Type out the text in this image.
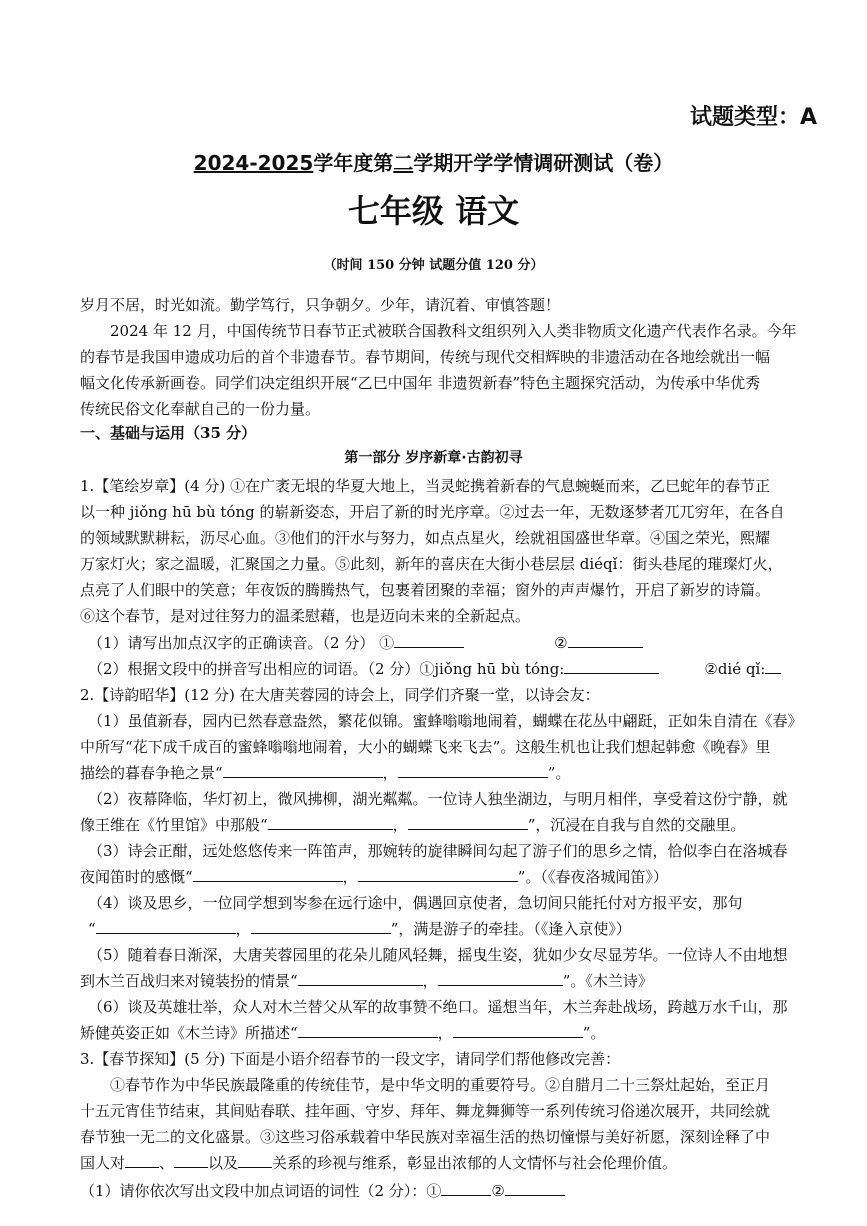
试题类型：A
2024-2025学年度第二学期开学学情调研测试（卷）
七年级 语文
（时间 150 分钟 试题分值 120 分）
岁月不居，时光如流。勤学笃行，只争朝夕。少年，请沉着、审慎答题！
2024 年 12 月，中国传统节日春节正式被联合国教科文组织列入人类非物质文化遗产代表作名录。今年
的春节是我国申遗成功后的首个非遗春节。春节期间，传统与现代交相辉映的非遗活动在各地绘就出一幅
幅文化传承新画卷。同学们决定组织开展“乙巳中国年 非遗贺新春”特色主题探究活动，为传承中华优秀
传统民俗文化奉献自己的一份力量。
一、基础与运用（35 分）
第一部分 岁序新章·古韵初寻
1.【笔绘岁章】(4 分) ①在广袤无垠的华夏大地上，当灵蛇携着新春的气息蜿蜒而来，乙巳蛇年的春节正
以一种 jiǒng hū bù tóng 的崭新姿态，开启了新的时光序章。②过去一年，无数逐梦者兀兀穷年，在各自
的领域默默耕耘，沥尽心血。③他们的汗水与努力，如点点星火，绘就祖国盛世华章。④国之荣光，熙耀
万家灯火；家之温暖，汇聚国之力量。⑤此刻，新年的喜庆在大街小巷层层 diéqǐ：街头巷尾的璀璨灯火，
点亮了人们眼中的笑意；年夜饭的腾腾热气，包裹着团聚的幸福；窗外的声声爆竹，开启了新岁的诗篇。
⑥这个春节，是对过往努力的温柔慰藉，也是迈向未来的全新起点。
（1）请写出加点汉字的正确读音。（2 分） ①	②
（2）根据文段中的拼音写出相应的词语。（2 分）①jiǒng hū bù tóng:	②dié qǐ:
2.【诗韵昭华】(12 分) 在大唐芙蓉园的诗会上，同学们齐聚一堂，以诗会友：
（1）虽值新春，园内已然春意盎然，繁花似锦。蜜蜂嗡嗡地闹着，蝴蝶在花丛中翩跹，正如朱自清在《春》
中所写“花下成千成百的蜜蜂嗡嗡地闹着，大小的蝴蝶飞来飞去”。这般生机也让我们想起韩愈《晚春》里
描绘的暮春争艳之景“	，	”。
（2）夜幕降临，华灯初上，微风拂柳，湖光粼粼。一位诗人独坐湖边，与明月相伴，享受着这份宁静，就
像王维在《竹里馆》中那般“	，	”，沉浸在自我与自然的交融里。
（3）诗会正酣，远处悠悠传来一阵笛声，那婉转的旋律瞬间勾起了游子们的思乡之情，恰似李白在洛城春
夜闻笛时的感慨“	，	”。（《春夜洛城闻笛》）
（4）谈及思乡，一位同学想到岑参在远行途中，偶遇回京使者，急切间只能托付对方报平安，那句
“	，	”，满是游子的牵挂。（《逢入京使》）
（5）随着春日渐深，大唐芙蓉园里的花朵儿随风轻舞，摇曳生姿，犹如少女尽显芳华。一位诗人不由地想
到木兰百战归来对镜装扮的情景“	，	”。《木兰诗》
（6）谈及英雄壮举，众人对木兰替父从军的故事赞不绝口。遥想当年，木兰奔赴战场，跨越万水千山，那
矫健英姿正如《木兰诗》所描述“	，	”。
3.【春节探知】(5 分) 下面是小语介绍春节的一段文字，请同学们帮他修改完善：
①春节作为中华民族最隆重的传统佳节，是中华文明的重要符号。②自腊月二十三祭灶起始，至正月
十五元宵佳节结束，其间贴春联、挂年画、守岁、拜年、舞龙舞狮等一系列传统习俗递次展开，共同绘就
春节独一无二的文化盛景。③这些习俗承载着中华民族对幸福生活的热切憧憬与美好祈愿，深刻诠释了中
国人对 、 以及 关系的珍视与维系，彰显出浓郁的人文情怀与社会伦理价值。
（1）请你依次写出文段中加点词语的词性（2 分）：①	②
